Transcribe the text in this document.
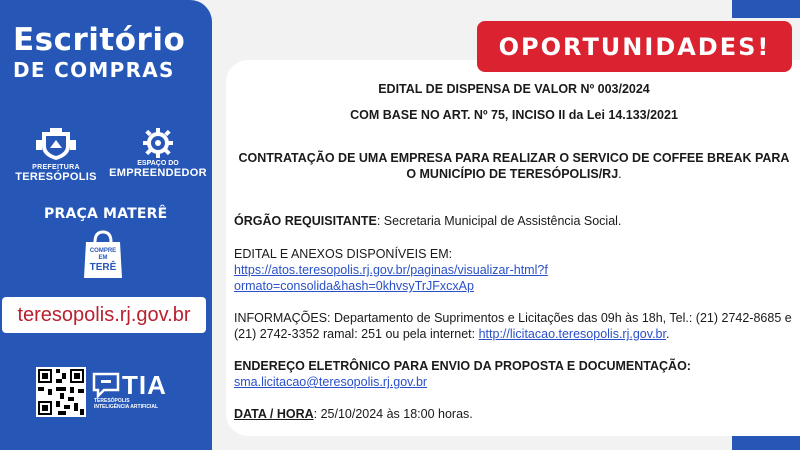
Escritório
DE COMPRAS
PREFEITURA
TERESÓPOLIS
ESPAÇO DO
EMPREENDEDOR
PRAÇA MATERÊ
COMPRE
EM
TERÊ
teresopolis.rj.gov.br
TIA
TERESÓPOLIS
INTELIGÊNCIA ARTIFICIAL
OPORTUNIDADES!
EDITAL DE DISPENSA DE VALOR Nº 003/2024
COM BASE NO ART. Nº 75, INCISO II da Lei 14.133/2021
CONTRATAÇÃO DE UMA EMPRESA PARA REALIZAR O SERVICO DE COFFEE BREAK PARA O MUNICÍPIO DE TERESÓPOLIS/RJ.
ÓRGÃO REQUISITANTE: Secretaria Municipal de Assistência Social.
EDITAL E ANEXOS DISPONÍVEIS EM:
https://atos.teresopolis.rj.gov.br/paginas/visualizar-html?formato=consolida&hash=0khvsyTrJFxcxAp
INFORMAÇÕES: Departamento de Suprimentos e Licitações das 09h às 18h, Tel.: (21) 2742-8685 e (21) 2742-3352 ramal: 251 ou pela internet: http://licitacao.teresopolis.rj.gov.br.
ENDEREÇO ELETRÔNICO PARA ENVIO DA PROPOSTA E DOCUMENTAÇÃO:
sma.licitacao@teresopolis.rj.gov.br
DATA / HORA: 25/10/2024 às 18:00 horas.
